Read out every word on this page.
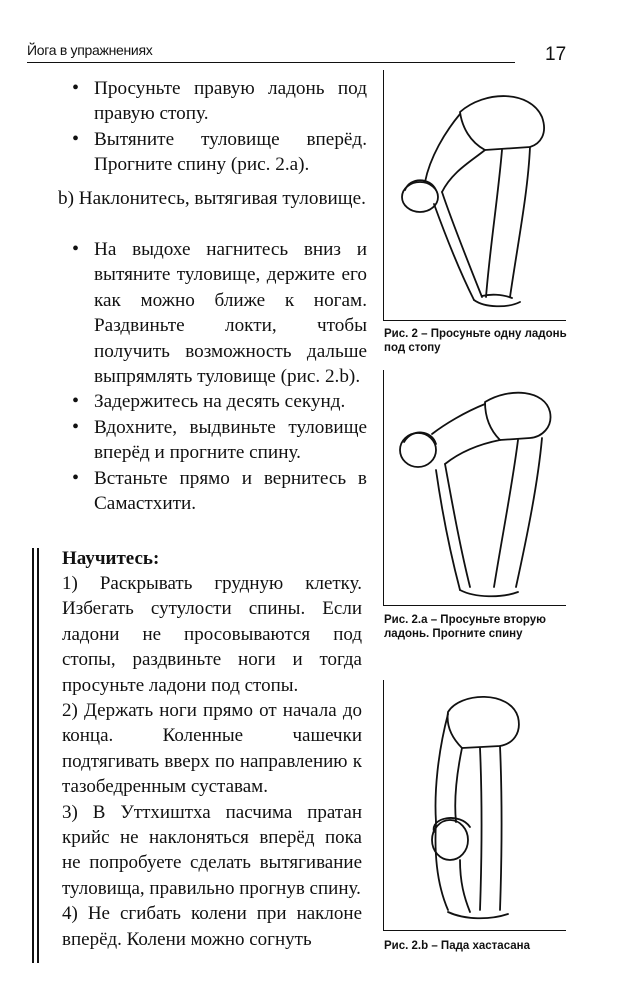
Йога в упражнениях	17
• Просуньте правую ладонь под правую стопу.
• Вытяните туловище вперёд. Прогните спину (рис. 2.а).
b) Наклонитесь, вытягивая туловище.
• На выдохе нагнитесь вниз и вытяните туловище, держите его как можно ближе к ногам. Раздвиньте локти, чтобы получить возможность дальше выпрямлять туловище (рис. 2.b).
• Задержитесь на десять секунд.
• Вдохните, выдвиньте туловище вперёд и прогните спину.
• Встаньте прямо и вернитесь в Самастхити.
Научитесь:

1) Раскрывать грудную клетку. Избегать сутулости спины. Если ладони не просовываются под стопы, раздвиньте ноги и тогда просуньте ладони под стопы.

2) Держать ноги прямо от начала до конца. Коленные чашечки подтягивать вверх по направлению к тазобедренным суставам.

3) В Уттхиштха пасчима пратан крийс не наклоняться вперёд пока не попробуете сделать вытягивание туловища, правильно прогнув спину.

4) Не сгибать колени при наклоне вперёд. Колени можно согнуть

Рис. 2 – Просуньте одну ладонь под стопу
Рис. 2.а – Просуньте вторую ладонь. Прогните спину
Рис. 2.b – Пада хастасана
